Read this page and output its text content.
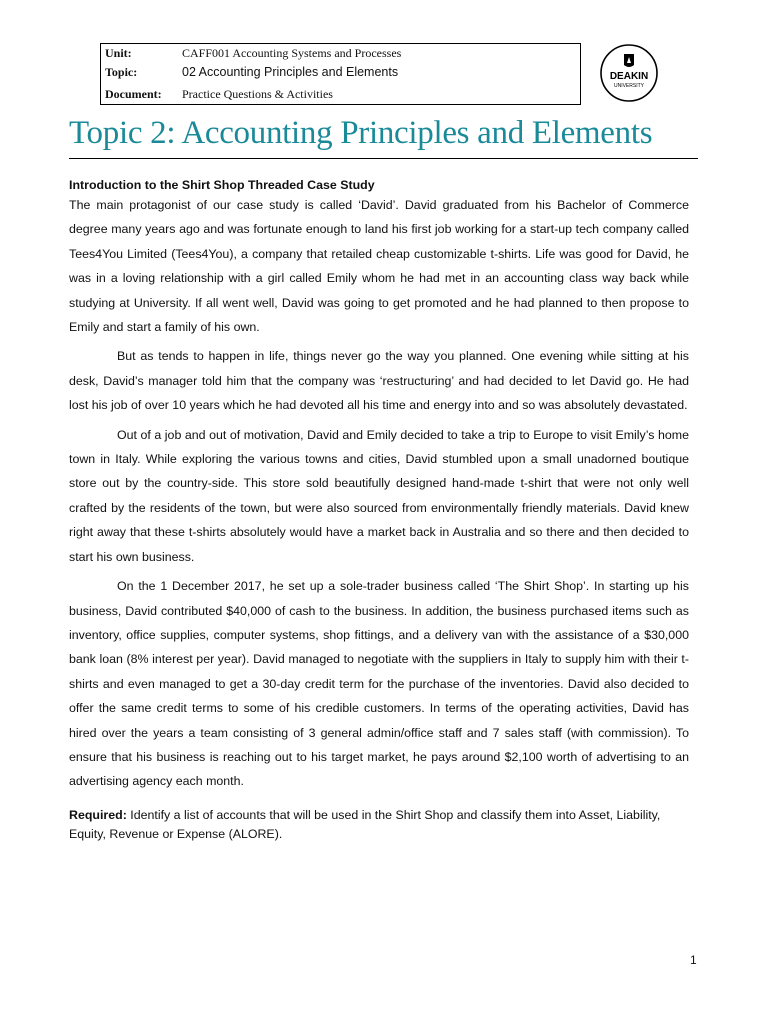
Unit:	CAFF001 Accounting Systems and Processes
Topic:	02 Accounting Principles and Elements
Document: Practice Questions & Activities
DEAKIN
UNIVERSITY
Topic 2: Accounting Principles and Elements
Introduction to the Shirt Shop Threaded Case Study

The main protagonist of our case study is called ‘David’. David graduated from his Bachelor of Commerce degree many years ago and was fortunate enough to land his first job working for a start-up tech company called Tees4You Limited (Tees4You), a company that retailed cheap customizable t-shirts. Life was good for David, he was in a loving relationship with a girl called Emily whom he had met in an accounting class way back while studying at University. If all went well, David was going to get promoted and he had planned to then propose to Emily and start a family of his own.

But as tends to happen in life, things never go the way you planned. One evening while sitting at his desk, David’s manager told him that the company was ‘restructuring’ and had decided to let David go. He had lost his job of over 10 years which he had devoted all his time and energy into and so was absolutely devastated.

Out of a job and out of motivation, David and Emily decided to take a trip to Europe to visit Emily’s home town in Italy. While exploring the various towns and cities, David stumbled upon a small unadorned boutique store out by the country-side. This store sold beautifully designed hand-made t-shirt that were not only well crafted by the residents of the town, but were also sourced from environmentally friendly materials. David knew right away that these t-shirts absolutely would have a market back in Australia and so there and then decided to start his own business.

On the 1 December 2017, he set up a sole-trader business called ‘The Shirt Shop’. In starting up his business, David contributed $40,000 of cash to the business. In addition, the business purchased items such as inventory, office supplies, computer systems, shop fittings, and a delivery van with the assistance of a $30,000 bank loan (8% interest per year). David managed to negotiate with the suppliers in Italy to supply him with their t-shirts and even managed to get a 30-day credit term for the purchase of the inventories. David also decided to offer the same credit terms to some of his credible customers. In terms of the operating activities, David has hired over the years a team consisting of 3 general admin/office staff and 7 sales staff (with commission). To ensure that his business is reaching out to his target market, he pays around $2,100 worth of advertising to an advertising agency each month.

Required: Identify a list of accounts that will be used in the Shirt Shop and classify them into Asset, Liability, Equity, Revenue or Expense (ALORE).

1
